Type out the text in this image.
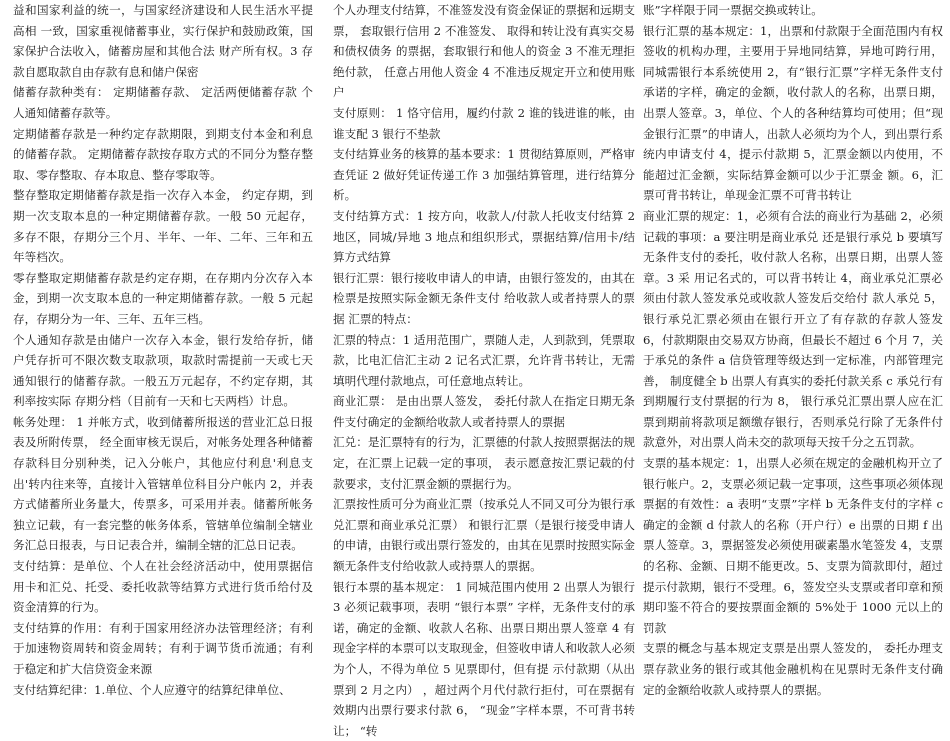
益和国家利益的统一，与国家经济建设和人民生活水平提高相 一致，国家重视储蓄事业，实行保护和鼓励政策，国家保护合法收入，储蓄房屋和其他合法 财产所有权。3 存款自愿取款自由存款有息和储户保密

储蓄存款种类有： 定期储蓄存款、 定活两便储蓄存款 个人通知储蓄存款等。

定期储蓄存款是一种约定存款期限，到期支付本金和利息的储蓄存款。 定期储蓄存款按存取方式的不同分为整存整取、零存整取、存本取息、整存零取等。

整存整取定期储蓄存款是指一次存入本金， 约定存期，到期一次支取本息的一种定期储蓄存款。一般 50 元起存，多存不限，存期分三个月、半年、一年、二年、三年和五年等档次。

零存整取定期储蓄存款是约定存期，在存期内分次存入本金，到期一次支取本息的一种定期储蓄存款。一般 5 元起存，存期分为一年、三年、五年三档。

个人通知存款是由储户一次存入本金，银行发给存折，储户凭存折可不限次数支取款项，取款时需提前一天或七天通知银行的储蓄存款。一般五万元起存，不约定存期，其利率按实际 存期分档（目前有一天和七天两档）计息。

帐务处理： 1 并帐方式，收到储蓄所报送的营业汇总日报表及所附传票， 经全面审核无误后，对帐务处理各种储蓄存款科目分别种类，记入分帐户，其他应付利息'利息支出'转内往来等，直接计入管辖单位科目分户帐内 2，并表方式储蓄所业务量大，传票多，可采用并表。储蓄所帐务 独立记载，有一套完整的帐务体系，管辖单位编制全辖业务汇总日报表，与日记表合并，编制全辖的汇总日记表。

支付结算：是单位、个人在社会经济活动中，使用票据信用卡和汇兑、托受、委托收款等结算方式进行货币给付及资金清算的行为。

支付结算的作用：有利于国家用经济办法管理经济；有利于加速物资周转和资金周转；有利于调节货币流通；有利于稳定和扩大信贷资金来源

支付结算纪律：1.单位、个人应遵守的结算纪律单位、

个人办理支付结算，不准签发没有资金保证的票据和远期支票， 套取银行信用 2 不准签发、 取得和转让没有真实交易和债权债务 的票据，套取银行和他人的资金 3 不准无理拒绝付款， 任意占用他人资金 4 不准违反规定开立和使用账户

支付原则： 1 恪守信用，履约付款 2 谁的钱进谁的帐，由谁支配 3 银行不垫款

支付结算业务的核算的基本要求：1 贯彻结算原则，严格审查凭证 2 做好凭证传递工作 3 加强结算管理，进行结算分析。

支付结算方式：1 按方向，收款人/付款人托收支付结算 2 地区，同城/异地 3 地点和组织形式，票据结算/信用卡/结算方式结算

银行汇票：银行接收申请人的申请，由银行签发的，由其在检票是按照实际金额无条件支付 给收款人或者持票人的票据 汇票的特点：

汇票的特点：1 适用范围广，票随人走，人到款到，凭票取款，比电汇信汇主动 2 记名式汇票，允许背书转让，无需填明代理付款地点，可任意地点转让。

商业汇票： 是由出票人签发， 委托付款人在指定日期无条件支付确定的金额给收款人或者持票人的票据

汇兑：是汇票特有的行为，汇票德的付款人按照票据法的规定，在汇票上记载一定的事项， 表示愿意按汇票记载的付款要求，支付汇票金额的票据行为。

汇票按性质可分为商业汇票（按承兑人不同又可分为银行承兑汇票和商业承兑汇票） 和银行汇票（是银行接受申请人的申请，由银行或出票行签发的，由其在见票时按照实际金额无条件支付给收款人或持票人的票据。

银行本票的基本规定： 1 同城范围内使用 2 出票人为银行 3 必须记载事项，表明 “银行本票” 字样，无条件支付的承诺，确定的金额、收款人名称、出票日期出票人签章 4 有现金字样的本票可以支取现金，但签收申请人和收款人必须为个人，不得为单位 5 见票即付，但有提 示付款期（从出票到 2 月之内） ，超过两个月代付款行拒付，可在票据有效期内出票行要求付款 6， “现金”字样本票，不可背书转让； “转

账”字样限于同一票据交换或转让。

银行汇票的基本规定：1，出票和付款限于全面范围内有权签收的机构办理，主要用于异地同结算，异地可跨行用，同城需银行本系统使用 2，有“银行汇票”字样无条件支付承诺的字样，确定的金额，收付款人的名称，出票日期，出票人签章。3，单位、个人的各种结算均可使用；但“现金银行汇票”的申请人，出款人必须均为个人，到出票行系统内申请支付 4，提示付款期 5，汇票金额以内使用，不能超过汇金额，实际结算金额可以少于汇票金 额。6，汇票可背书转让，单现金汇票不可背书转让

商业汇票的规定：1，必须有合法的商业行为基础 2，必须记载的事项：a 要注明是商业承兑 还是银行承兑 b 要填写无条件支付的委托，收付款人名称，出票日期，出票人签章。3 采 用记名式的，可以背书转让 4，商业承兑汇票必须由付款人签发承兑或收款人签发后交给付 款人承兑 5，银行承兑汇票必须由在银行开立了有存款的存款人签发 6，付款期限由交易双方协商，但最长不超过 6 个月 7，关于承兑的条件 a 信贷管理等级达到一定标准，内部管理完善， 制度健全 b 出票人有真实的委托付款关系 c 承兑行有到期履行支付票据的行为 8， 银行承兑汇票出票人应在汇票到期前将款项足额缴存银行，否则承兑行除了无条件付款意外，对出票人尚未交的款项每天按千分之五罚款。

支票的基本规定：1，出票人必须在规定的金融机构开立了银行帐户。2，支票必须记载一定事项，这些事项必须体现票据的有效性：a 表明“支票”字样 b 无条件支付的字样 c 确定的金额 d 付款人的名称（开户行）e 出票的日期 f 出票人签章。3，票据签发必须使用碳素墨水笔签发 4，支票的名称、金额、日期不能更改。5、支票为简款即付，超过提示付款期，银行不受理。6，签发空头支票或者印章和预期印鉴不符合的要按票面金额的 5%处于 1000 元以上的罚款

支票的概念与基本规定支票是出票人签发的， 委托办理支票存款业务的银行或其他金融机构在见票时无条件支付确定的金额给收款人或持票人的票据。
